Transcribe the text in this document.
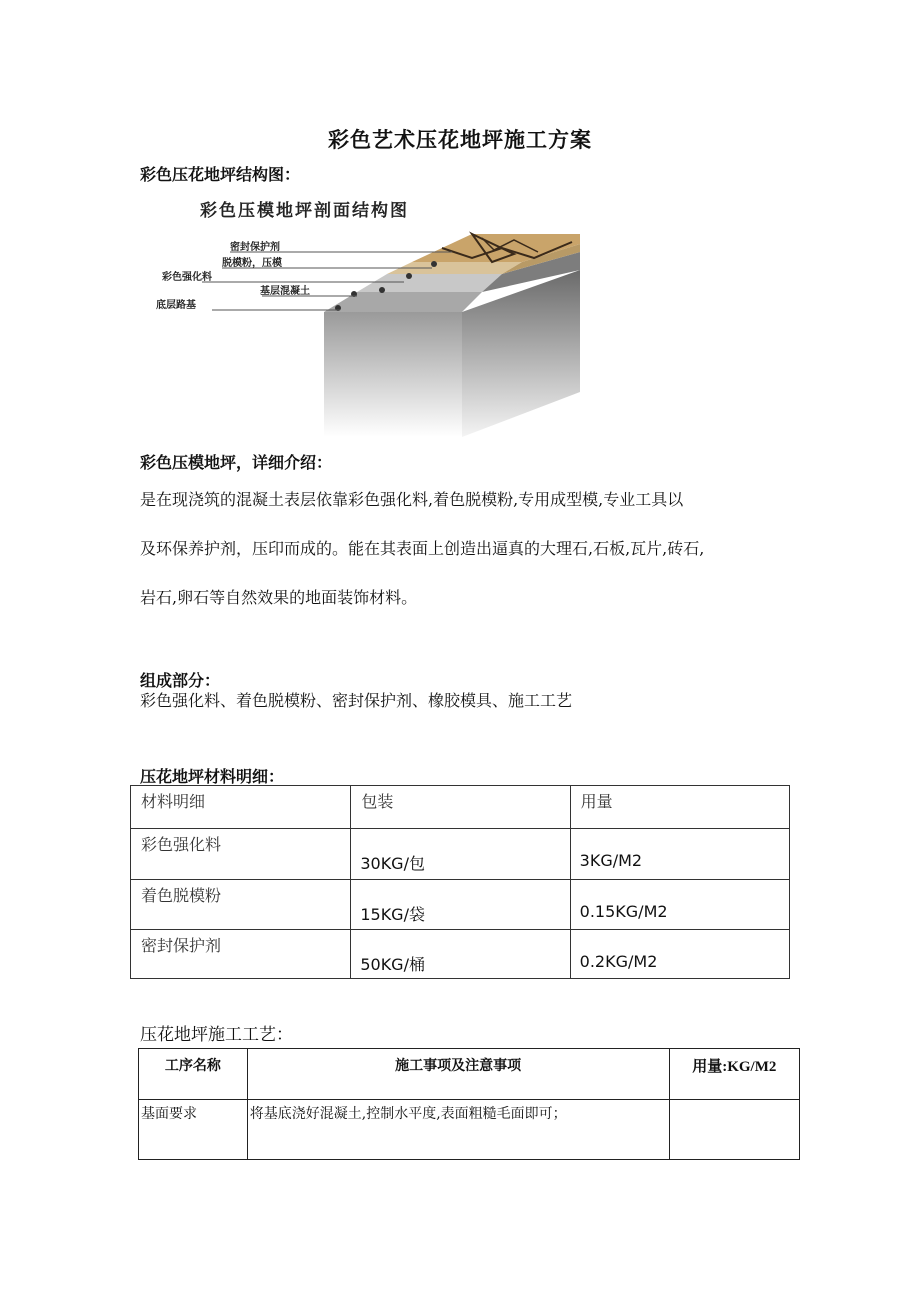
彩色艺术压花地坪施工方案
彩色压花地坪结构图：
彩色压模地坪剖面结构图
密封保护剂
脱模粉，压模
彩色强化料
基层混凝土
底层路基
彩色压模地坪，详细介绍：
是在现浇筑的混凝土表层依靠彩色强化料,着色脱模粉,专用成型模,专业工具以
及环保养护剂，压印而成的。能在其表面上创造出逼真的大理石,石板,瓦片,砖石,
岩石,卵石等自然效果的地面装饰材料。
组成部分：
彩色强化料、着色脱模粉、密封保护剂、橡胶模具、施工工艺
压花地坪材料明细：
材料明细	包装	用量

彩色强化料	30KG/包	3KG/M2

着色脱模粉	15KG/袋	0.15KG/M2

密封保护剂	50KG/桶	0.2KG/M2
压花地坪施工工艺：
工序名称	施工事项及注意事项	用量:KG/M2
基面要求	将基底浇好混凝土,控制水平度,表面粗糙毛面即可；	
